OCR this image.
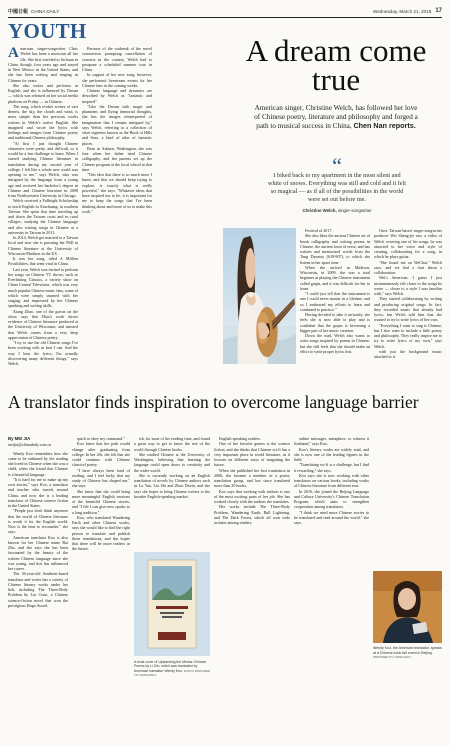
中國日報 CHINA DAILY	Wednesday, March 21, 2018 17
YOUTH

American singer-songwriter Chris Welch has been a musician all her life. She first traveled to Sichuan in China, though, four years ago and stayed in New Mexico in the United States, and she has been writing and singing in Chinese for years.

She also writes and performs in English, and she is influenced by Dream — which was released on her social media platform on Friday — in Chinese.

The song, which evokes scenes of vast deserts, the sky, the clouds and wind, is more simple than her previous works written in Welch's native English. She imagined and wrote the lyrics with feelings and images from Chinese poetry and traditional Chinese philosophy.

"At first I just thought Chinese characters were pretty, and difficult, so it would be a fun challenge to learn. When I started studying Chinese literature in translation during my second year of college, I felt like a whole new world was opening to me," says Welch, who was intrigued by the language from a young age and received her bachelor's degree in Chinese and Chinese literature in 2008 from Northwestern University in Chicago.

Welch received a Fulbright Scholarship to teach English in Xiaohuang, in southern Taiwan. She spent that time traveling up and down the Taiwan coast and in rural villages, studying the Chinese language and also writing songs in Chinese at a university in Taiwan in 2011.

In 2014, Welch got married to a Taiwan local and now she is pursuing her PhD in Chinese literature at the University of Wisconsin-Madison in the US.

It was her song, titled A Million Possibilities, that went viral in China.

Last year, Welch was invited to perform her songs on Chinese TV shows, such as Everlasting Classics, a variety show on China Central Television, which was very much popular Chinese music fans, some of which were simply stunned with her singing, and impressed by her Chinese speaking and writing skills.

Xiang Zhao, one of the guests on the show, says that Zhao's work shows evidence of Chinese literature produced at the University of Wisconsin, and insisted that Welch comes from a very deep appreciation of Chinese poetry.

"I try to use the old Chinese songs I've been working with as best I can. And the way I hear the lyrics, I'm actually discovering many different things," says Welch.

Because of the outbreak of the novel coronavirus prompting cancellation of concerts in the country, Welch had to postpone a scheduled summer tour in China.

In support of her new song, however, she performed livestream events for her Chinese fans in the coming weeks.

Chinese language and dynamics are described by Welch as "fantastic and inspired".

"Like the Dream with magic and phantoms and flying immortal thoughts, she has the images reinterpreted of imagination that I remain intrigued by," says Welch, referring to a collection of short vignettes known as the Book of Hills and Seas, a kind of atlas of fantastic places.

Born in Auburn, Washington, she was four when her father tried Chinese calligraphy, and her parents set up the Chinese program at the local school at that time.

"This idea that there is so much more I know, and that we should keep trying to explore, is exactly what is really powerful," she says. "Whatever ideas that have inspired me to be, it is important for me to keep the songs that I've been thinking about and more of us to make this work."

A dream come true
American singer, Christine Welch, has followed her love of Chinese poetry, literature and philosophy and forged a path to musical success in China, Chen Nan reports.
“
I biked back to my apartment in the most silent and white of snows. Everything was still and cold and it felt so magical — as if all of the possibilities in the world were set out before me.
Christine Welch, singer-songwriter
A translator finds inspiration to overcome language barrier
By MEI JIA
meijia@chinadaily.com.cn

Wendy Koo remembers how she came to be enthused by the reading she loved in Chinese when she was a child, when she found that Chinese is a beautiful language.

"It is hard for me to make up my own stories," says Koo, a translator and teacher who travels around China, and now she is a leading translator of Chinese science fiction in the United States.

"People just don't think anymore that the world of Chinese literature is worth it for the English world. Now is the time to reconsider," she says.

American translator Koo is also known for her Chinese name Bai Zhu, and she says she has been fascinated by the beauty of the written Chinese language since she was young, and this has influenced her career.

The 36-year-old Southern-based translator and writer has a variety of Chinese literary works under her belt, including The Three-Body Problem by Liu Cixin, a Chinese science-fiction novel that won the prestigious Hugo Award.

quick to obey my command."

Koo knew that her path would change after graduating from college. In her 20s, she felt that she could continue with Chinese classical poetry.

"I have always been fond of reading, and I feel lucky that my study of Chinese has shaped me," she says.

She knew that she could bring more meaningful English versions of the beautiful Chinese stories, and "I felt I can give new sparks to a long tradition."

Koo, who translated Wandering Earth and other Chinese works, says she would like to find the right person to translate and publish these translations, and she hopes that there will be more readers in the future.

ish, for most of her reading time, and found a great way to get to know the rest of the world through Chinese books.

She studied Chinese at the University of Washington, believing that learning the language could open doors to creativity and the wider world.

She is currently working on an English translation of novels by Chinese authors such as Lu Yao, Liu Shi and Zhou Daxin, and she says she hopes to bring Chinese writers to the broader English-speaking market.

English-speaking readers.

One of her favorite genres is the science fiction, and she thinks that Chinese sci-fi has a very important place in world literature, as it focuses on different ways of imagining the future.

When she published her first translation in 2006, she became a member of a poetry translation group, and has since translated more than 20 books.

Koo says that working with authors is one of the most exciting parts of her job. She has worked closely with the authors she translates.

Her works include The Three-Body Problem, Wandering Earth, Ball Lightning, and The Dark Forest, which all won wide acclaim among readers.

online messages, metaphors, or witness it firsthand," says Koo.

Koo's literary works are widely read, and she is now one of the leading figures in the field.

"Translating sci-fi is a challenge, but I find it rewarding," she says.

Koo says she is now working with other translators on various books, including works of Chinese literature from different eras.

In 2016, she joined the Beijing Language and Culture University's Chinese Translation Program, which aims to strengthen cooperation among translators.

"I think we need more Chinese stories to be translated and read around the world," she says.

A book cover of Upstanding the Mentor-Chinese Poems by Li Zhu, which was translated by American translator Wendy Koo. PHOTO PROVIDED TO CHINA DAILY
Wendy Koo, the American translator, speaks at a Chinese book fair event in Beijing. PROVIDED TO CHINA DAILY

Festival of 2017.

She also likes the ancient Chinese art of brush calligraphy and writing poems in Chinese, the ancient form of verse, and has written and memorized words from the Tang Dynasty (618-907), to which she listens in her spare time.

When she arrived in Madison, Wisconsin, in 2009, she was a total beginner at playing the Chinese instrument called guqin, and it was difficult for her to learn.

"I could just tell that the instrument is one I could never master in a lifetime, and so I embraced my efforts to learn and continued to practice."

Having decided to take it seriously, she feels she is now able to play and is confident that the guqin is becoming a bigger part of her music creation.

Down the road, Welch also wants to write songs inspired by poems in Chinese, but she still feels that she should make an effort to write proper lyrics first.

Once Taiwan-based singer-songwriter producer Wei Sheng-jie saw a video of Welch covering one of his songs, he was attracted to her voice and style of creating, collaborating for a song, in which he plays guitar.

"She found me on WeChat," Welch says, and we had a chat about a collaboration.

Wei's American, I guess I just instantaneously felt closer to the songs he wrote — closer to a style I was familiar with," says Welch.

They started collaborating by writing and producing original songs. In fact, they recorded music that already had lyrics, but Welch told him that she wanted to try to write lyrics of her own.

"Everything I want to sing is Chinese, but I also want to include a little poetry and philosophy. They really inspire me to try to write lyrics of my own," says Welch.

with just the background music attached to it.
